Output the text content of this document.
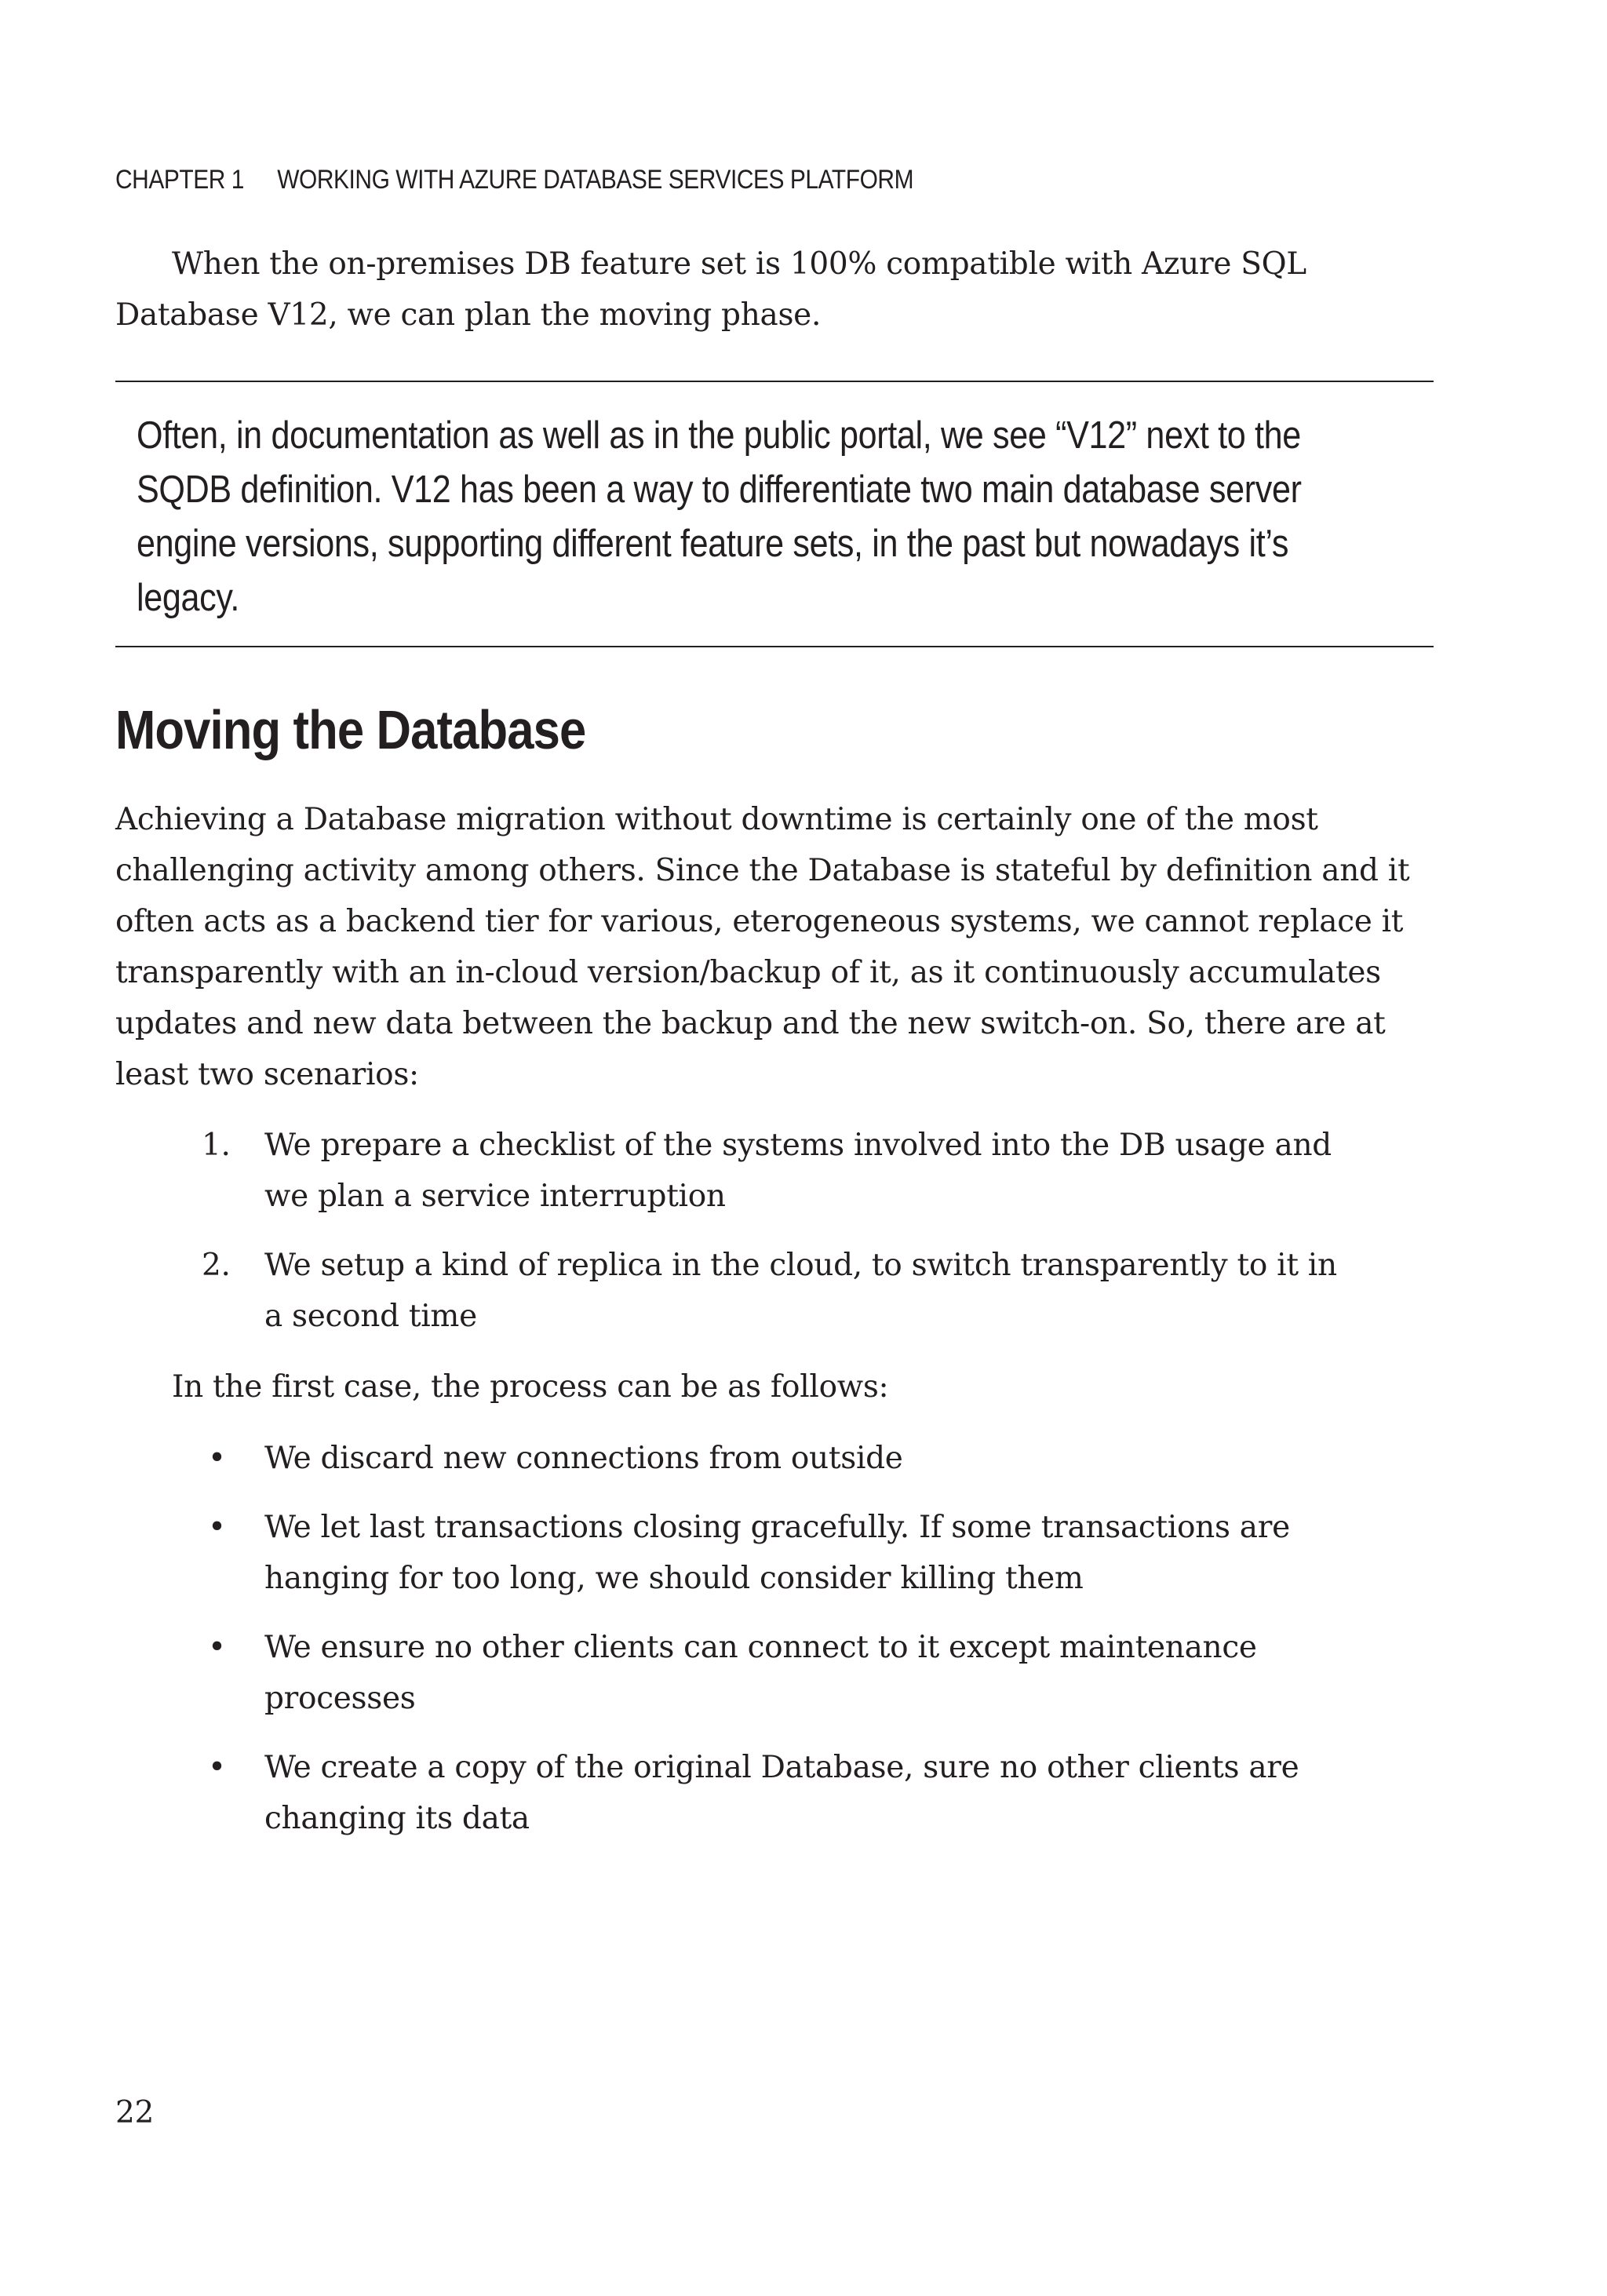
CHAPTER 1 WORKING WITH AZURE DATABASE SERVICES PLATFORM

When the on-premises DB feature set is 100% compatible with Azure SQL Database V12, we can plan the moving phase.

Often, in documentation as well as in the public portal, we see “V12” next to the SQDB definition. V12 has been a way to differentiate two main database server engine versions, supporting different feature sets, in the past but nowadays it’s legacy.

Moving the Database

Achieving a Database migration without downtime is certainly one of the most challenging activity among others. Since the Database is stateful by definition and it often acts as a backend tier for various, eterogeneous systems, we cannot replace it transparently with an in-cloud version/backup of it, as it continuously accumulates updates and new data between the backup and the new switch-on. So, there are at least two scenarios:

1. We prepare a checklist of the systems involved into the DB usage and we plan a service interruption
2. We setup a kind of replica in the cloud, to switch transparently to it in a second time

In the first case, the process can be as follows:

• We discard new connections from outside
• We let last transactions closing gracefully. If some transactions are hanging for too long, we should consider killing them
• We ensure no other clients can connect to it except maintenance processes
• We create a copy of the original Database, sure no other clients are changing its data

22
